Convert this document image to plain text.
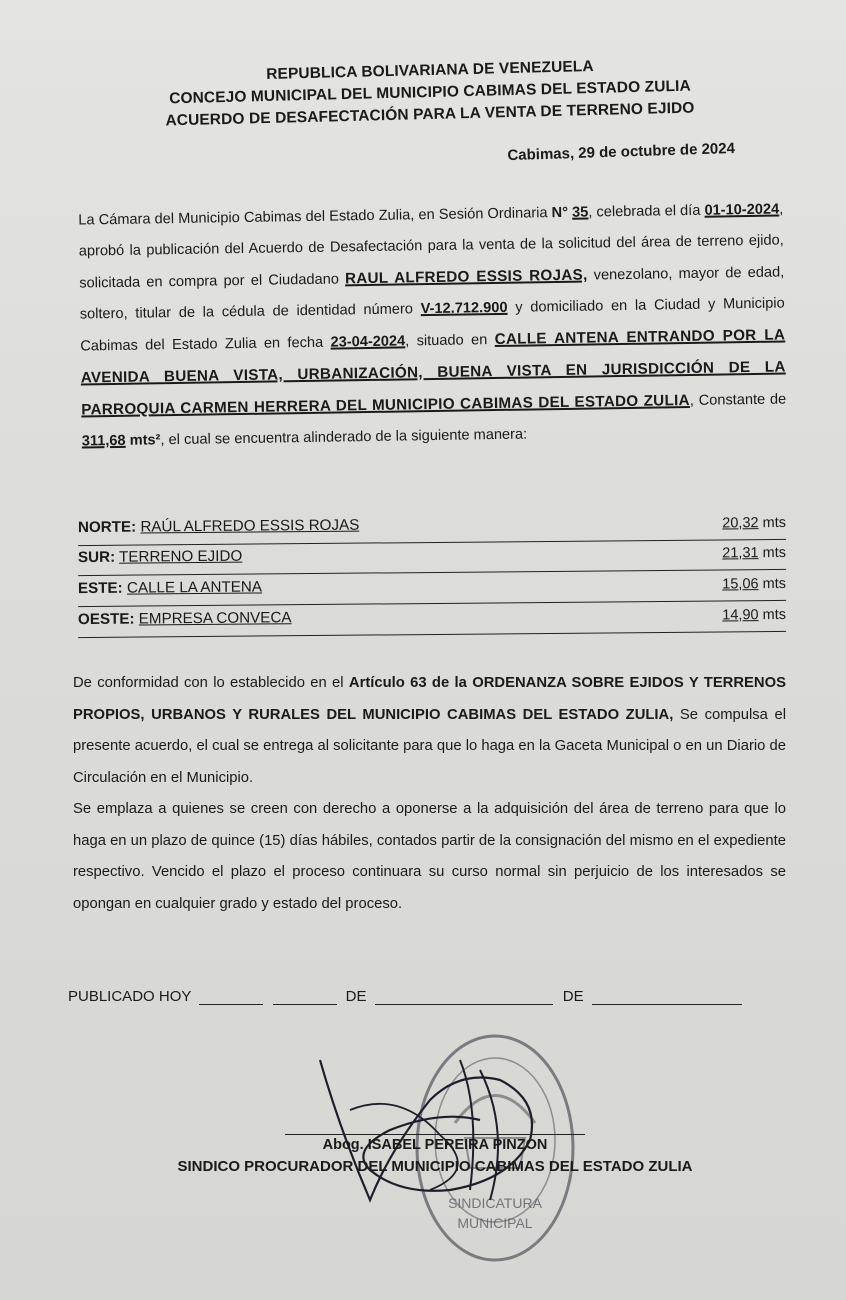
REPUBLICA BOLIVARIANA DE VENEZUELA
CONCEJO MUNICIPAL DEL MUNICIPIO CABIMAS DEL ESTADO ZULIA
ACUERDO DE DESAFECTACIÓN PARA LA VENTA DE TERRENO EJIDO
Cabimas, 29 de octubre de 2024
La Cámara del Municipio Cabimas del Estado Zulia, en Sesión Ordinaria N° 35, celebrada el día 01-10-2024, aprobó la publicación del Acuerdo de Desafectación para la venta de la solicitud del área de terreno ejido, solicitada en compra por el Ciudadano RAUL ALFREDO ESSIS ROJAS, venezolano, mayor de edad, soltero, titular de la cédula de identidad número V-12.712.900 y domiciliado en la Ciudad y Municipio Cabimas del Estado Zulia en fecha 23-04-2024, situado en CALLE ANTENA ENTRANDO POR LA AVENIDA BUENA VISTA, URBANIZACIÓN, BUENA VISTA EN JURISDICCIÓN DE LA PARROQUIA CARMEN HERRERA DEL MUNICIPIO CABIMAS DEL ESTADO ZULIA, Constante de 311,68 mts², el cual se encuentra alinderado de la siguiente manera:
NORTE: RAÚL ALFREDO ESSIS ROJAS	20,32 mts
SUR: TERRENO EJIDO	21,31 mts
ESTE: CALLE LA ANTENA	15,06 mts
OESTE: EMPRESA CONVECA	14,90 mts
De conformidad con lo establecido en el Artículo 63 de la ORDENANZA SOBRE EJIDOS Y TERRENOS PROPIOS, URBANOS Y RURALES DEL MUNICIPIO CABIMAS DEL ESTADO ZULIA, Se compulsa el presente acuerdo, el cual se entrega al solicitante para que lo haga en la Gaceta Municipal o en un Diario de Circulación en el Municipio.
Se emplaza a quienes se creen con derecho a oponerse a la adquisición del área de terreno para que lo haga en un plazo de quince (15) días hábiles, contados partir de la consignación del mismo en el expediente respectivo. Vencido el plazo el proceso continuara su curso normal sin perjuicio de los interesados se opongan en cualquier grado y estado del proceso.
PUBLICADO HOY	DE	DE
SINDICATURA
MUNICIPAL
Abog. ISABEL PEREIRA PINZON
SINDICO PROCURADOR DEL MUNICIPIO CABIMAS DEL ESTADO ZULIA
